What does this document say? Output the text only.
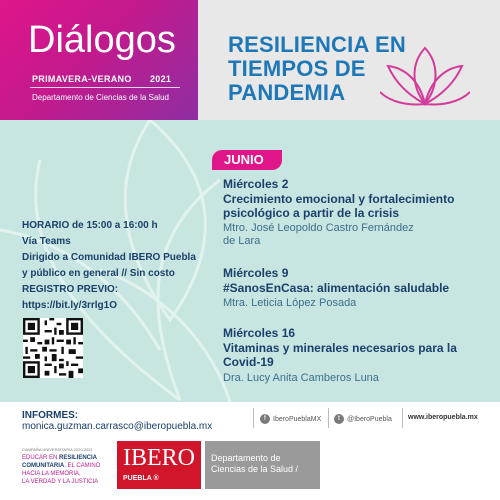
Diálogos
PRIMAVERA-VERANO 2021
Departamento de Ciencias de la Salud
RESILIENCIA EN
TIEMPOS DE
PANDEMIA
JUNIO
Miércoles 2
Crecimiento emocional y fortalecimiento
psicológico a partir de la crisis
Mtro. José Leopoldo Castro Fernández
de Lara
Miércoles 9
#SanosEnCasa: alimentación saludable
Mtra. Leticia López Posada
Miércoles 16
Vitaminas y minerales necesarios para la
Covid-19
Dra. Lucy Anita Camberos Luna
HORARIO de 15:00 a 16:00 h
Vía Teams
Dirigido a Comunidad IBERO Puebla
y público en general // Sin costo
REGISTRO PREVIO:
https://bit.ly/3rrlg1O
INFORMES:
monica.guzman.carrasco@iberopuebla.mx
f IberoPueblaMX	t @IberoPuebla www.iberopuebla.mx
CAMPAÑA UNIVERSITARIA 2020-2021
EDUCAR EN RESILIENCIA
COMUNITARIA. EL CAMINO
HACIA LA MEMORIA,
LA VERDAD Y LA JUSTICIA
IBERO
PUEBLA ®
Departamento de
Ciencias de la Salud /
